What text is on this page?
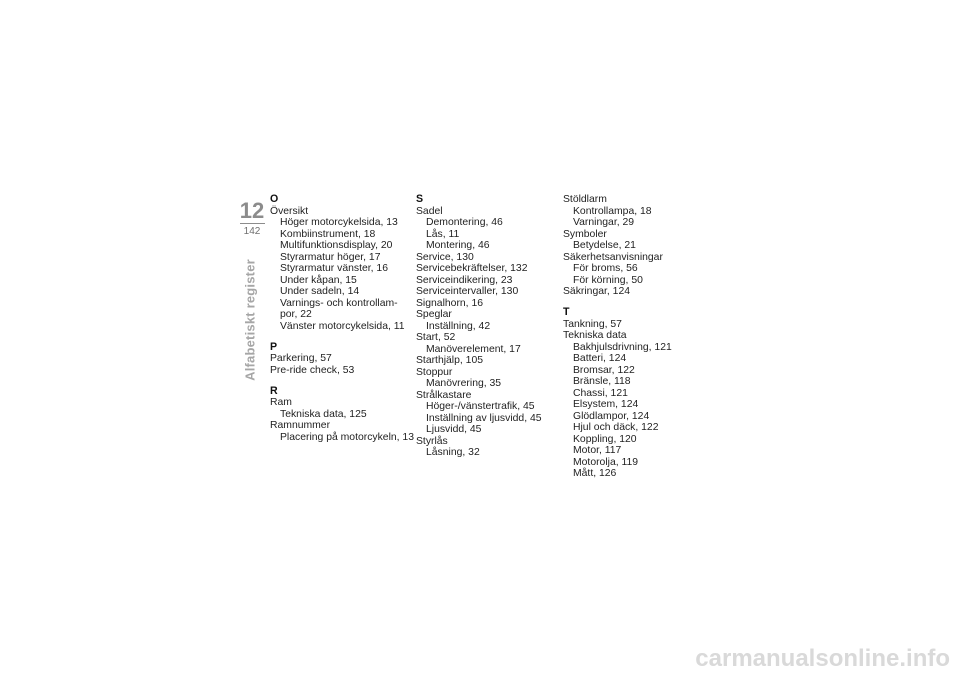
12
142
Alfabetiskt register
O
Översikt
Höger motorcykelsida, 13
Kombiinstrument, 18
Multifunktionsdisplay, 20
Styrarmatur höger, 17
Styrarmatur vänster, 16
Under kåpan, 15
Under sadeln, 14
Varnings- och kontrollam-
por, 22
Vänster motorcykelsida, 11
P
Parkering, 57
Pre-ride check, 53
R
Ram
Tekniska data, 125
Ramnummer
Placering på motorcykeln, 13
S
Sadel
Demontering, 46
Lås, 11
Montering, 46
Service, 130
Servicebekräftelser, 132
Serviceindikering, 23
Serviceintervaller, 130
Signalhorn, 16
Speglar
Inställning, 42
Start, 52
Manöverelement, 17
Starthjälp, 105
Stoppur
Manövrering, 35
Strålkastare
Höger-/vänstertrafik, 45
Inställning av ljusvidd, 45
Ljusvidd, 45
Styrlås
Låsning, 32
Stöldlarm
Kontrollampa, 18
Varningar, 29
Symboler
Betydelse, 21
Säkerhetsanvisningar
För broms, 56
För körning, 50
Säkringar, 124
T
Tankning, 57
Tekniska data
Bakhjulsdrivning, 121
Batteri, 124
Bromsar, 122
Bränsle, 118
Chassi, 121
Elsystem, 124
Glödlampor, 124
Hjul och däck, 122
Koppling, 120
Motor, 117
Motorolja, 119
Mått, 126
carmanualsonline.info
